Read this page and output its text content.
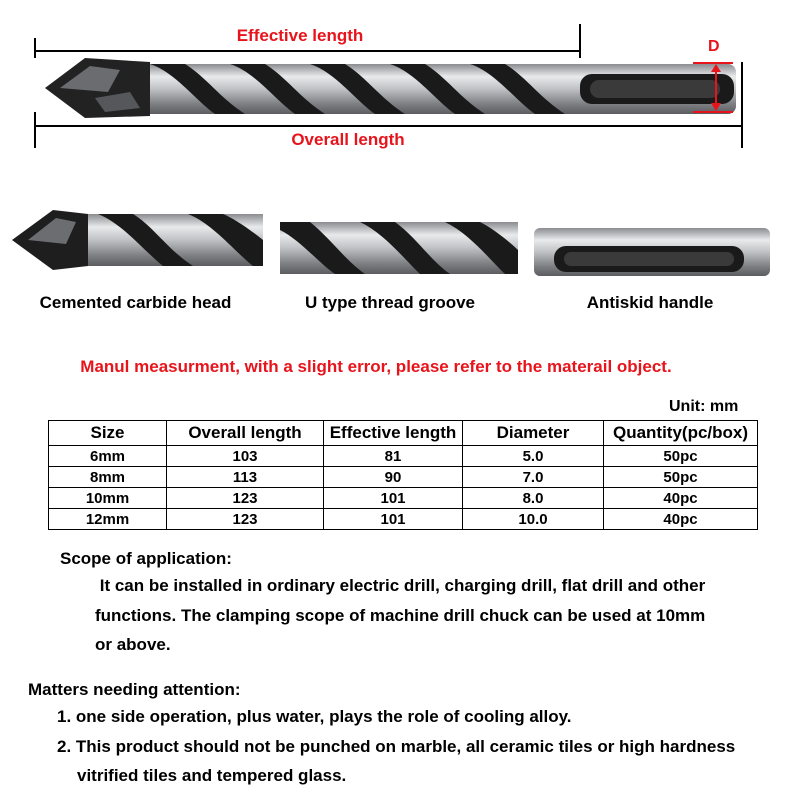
Effective length
Overall length
D
Cemented carbide head	U type thread groove	Antiskid handle
Manul measurment, with a slight error, please refer to the materail object.
Unit: mm
Size	Overall length	Effective length	Diameter	Quantity(pc/box)
6mm	103	81	5.0	50pc
8mm	113	90	7.0	50pc
10mm	123	101	8.0	40pc
12mm	123	101	10.0	40pc
Scope of application:
It can be installed in ordinary electric drill, charging drill, flat drill and other
functions. The clamping scope of machine drill chuck can be used at 10mm
or above.
Matters needing attention:
1. one side operation, plus water, plays the role of cooling alloy.
2. This product should not be punched on marble, all ceramic tiles or high hardness
vitrified tiles and tempered glass.
